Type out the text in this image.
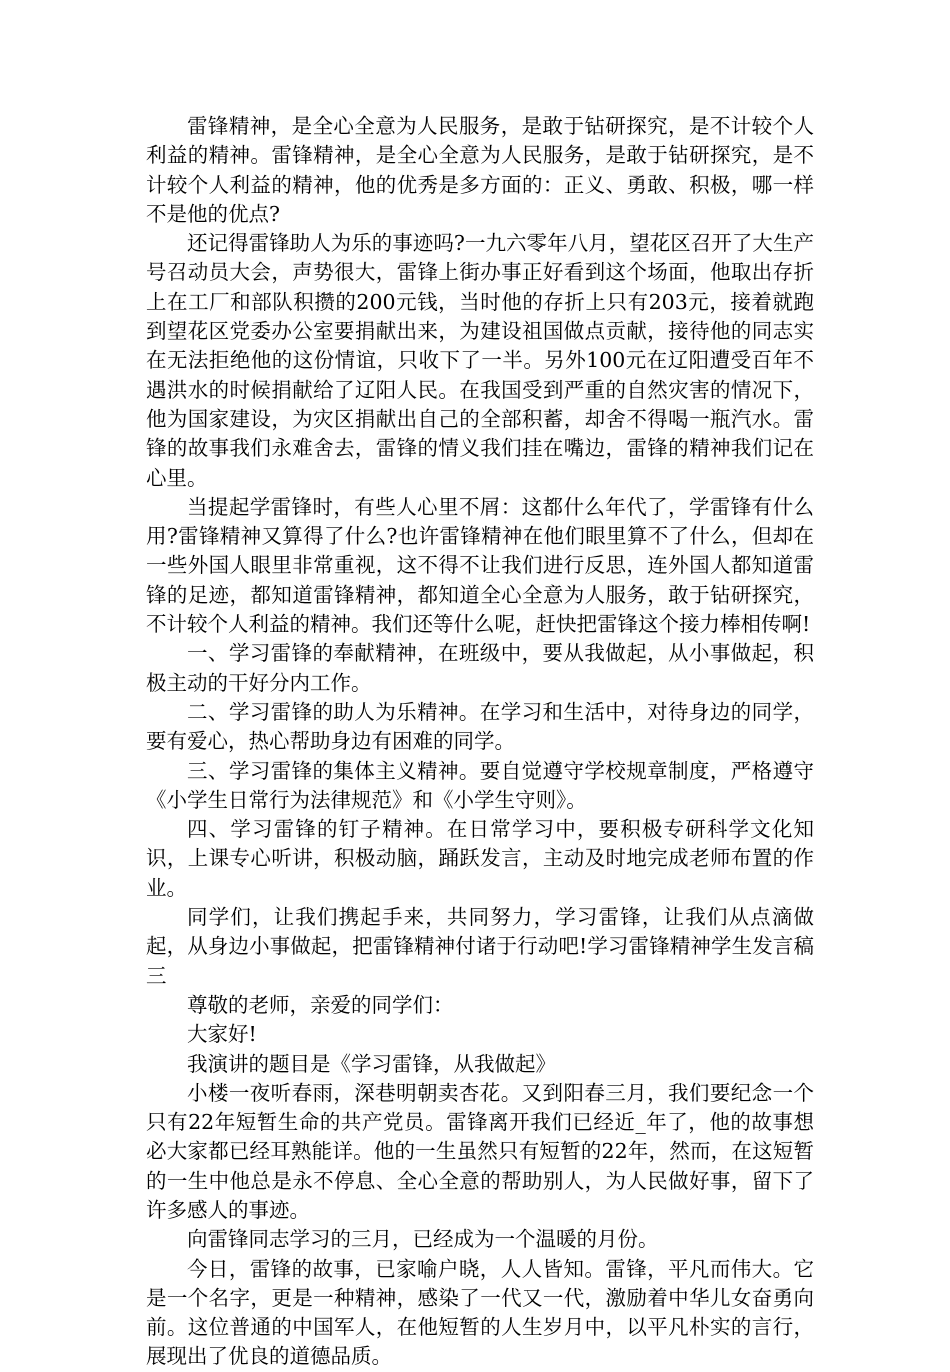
雷锋精神，是全心全意为人民服务，是敢于钻研探究，是不计较个人利益的精神。雷锋精神，是全心全意为人民服务，是敢于钻研探究，是不计较个人利益的精神，他的优秀是多方面的：正义、勇敢、积极，哪一样不是他的优点?

还记得雷锋助人为乐的事迹吗?一九六零年八月，望花区召开了大生产号召动员大会，声势很大，雷锋上街办事正好看到这个场面，他取出存折上在工厂和部队积攒的200元钱，当时他的存折上只有203元，接着就跑到望花区党委办公室要捐献出来，为建设祖国做点贡献，接待他的同志实在无法拒绝他的这份情谊，只收下了一半。另外100元在辽阳遭受百年不遇洪水的时候捐献给了辽阳人民。在我国受到严重的自然灾害的情况下，他为国家建设，为灾区捐献出自己的全部积蓄，却舍不得喝一瓶汽水。雷锋的故事我们永难舍去，雷锋的情义我们挂在嘴边，雷锋的精神我们记在心里。

当提起学雷锋时，有些人心里不屑：这都什么年代了，学雷锋有什么用?雷锋精神又算得了什么?也许雷锋精神在他们眼里算不了什么，但却在一些外国人眼里非常重视，这不得不让我们进行反思，连外国人都知道雷锋的足迹，都知道雷锋精神，都知道全心全意为人服务，敢于钻研探究，不计较个人利益的精神。我们还等什么呢，赶快把雷锋这个接力棒相传啊!

一、学习雷锋的奉献精神，在班级中，要从我做起，从小事做起，积极主动的干好分内工作。

二、学习雷锋的助人为乐精神。在学习和生活中，对待身边的同学，要有爱心，热心帮助身边有困难的同学。

三、学习雷锋的集体主义精神。要自觉遵守学校规章制度，严格遵守《小学生日常行为法律规范》和《小学生守则》。

四、学习雷锋的钉子精神。在日常学习中，要积极专研科学文化知识，上课专心听讲，积极动脑，踊跃发言，主动及时地完成老师布置的作业。

同学们，让我们携起手来，共同努力，学习雷锋，让我们从点滴做起，从身边小事做起，把雷锋精神付诸于行动吧!学习雷锋精神学生发言稿三

尊敬的老师，亲爱的同学们：

大家好!

我演讲的题目是《学习雷锋，从我做起》

小楼一夜听春雨，深巷明朝卖杏花。又到阳春三月，我们要纪念一个只有22年短暂生命的共产党员。雷锋离开我们已经近_年了，他的故事想必大家都已经耳熟能详。他的一生虽然只有短暂的22年，然而，在这短暂的一生中他总是永不停息、全心全意的帮助别人，为人民做好事，留下了许多感人的事迹。

向雷锋同志学习的三月，已经成为一个温暖的月份。

今日，雷锋的故事，已家喻户晓，人人皆知。雷锋，平凡而伟大。它是一个名字，更是一种精神，感染了一代又一代，激励着中华儿女奋勇向前。这位普通的中国军人，在他短暂的人生岁月中，以平凡朴实的言行，展现出了优良的道德品质。
